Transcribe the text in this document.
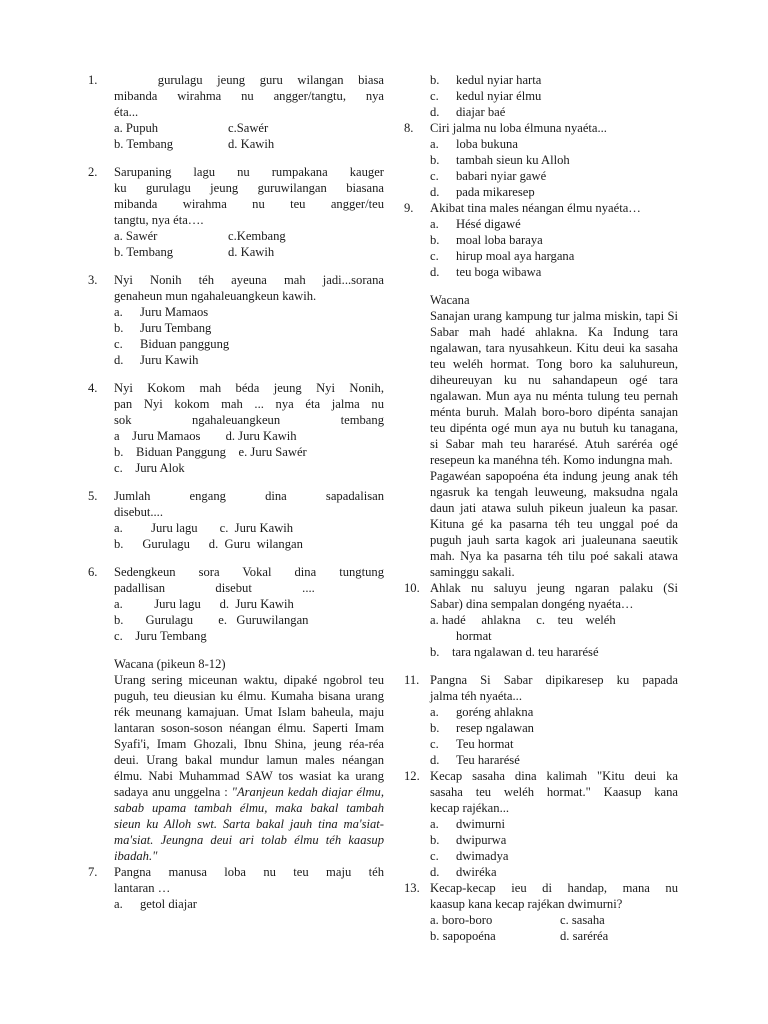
1.	gurulagu jeung guru wilangan biasa
mibanda wirahma nu angger/tangtu, nya
éta...
a. Pupuh	c.Sawér
b. Tembang	d. Kawih
2. Sarupaning lagu nu rumpakana kauger
ku gurulagu jeung guruwilangan biasana
mibanda wirahma nu teu angger/teu
tangtu, nya éta….
a. Sawér	c.Kembang
b. Tembang	d. Kawih
3. Nyi Nonih téh ayeuna mah jadi...sorana
genaheun mun ngahaleuangkeun kawih.
a. Juru Mamaos
b. Juru Tembang
c. Biduan panggung
d. Juru Kawih
4. Nyi Kokom mah béda jeung Nyi Nonih,
pan Nyi kokom mah ... nya éta jalma nu
sok ngahaleuangkeun tembang
a    Juru Mamaos        d. Juru Kawih
b.    Biduan Panggung    e. Juru Sawér
c.    Juru Alok
5. Jumlah engang dina sapadalisan
disebut....
a.         Juru lagu       c.  Juru Kawih
b.      Gurulagu      d.  Guru  wilangan
6. Sedengkeun sora Vokal dina tungtung
padallisan                disebut                ....
a.          Juru lagu      d.  Juru Kawih
b.       Gurulagu        e.   Guruwilangan
c.    Juru Tembang
Wacana (pikeun 8-12)

Urang sering miceunan waktu, dipaké ngobrol teu puguh, teu dieusian ku élmu. Kumaha bisana urang rék meunang kamajuan. Umat Islam baheula, maju lantaran soson-soson néangan élmu. Saperti Imam Syafi'i, Imam Ghozali, Ibnu Shina, jeung réa-réa deui. Urang bakal mundur lamun males néangan élmu. Nabi Muhammad SAW tos wasiat ka urang sadaya anu unggelna : "Aranjeun kedah diajar élmu, sabab upama tambah élmu, maka bakal tambah sieun ku Alloh swt. Sarta bakal jauh tina ma'siat-ma'siat. Jeungna deui ari tolab élmu téh kaasup ibadah."

7. Pangna manusa loba nu teu maju téh
lantaran …
a. getol diajar
b. kedul nyiar harta
c. kedul nyiar élmu
d. diajar baé
8. Ciri jalma nu loba élmuna nyaéta...
a. loba bukuna
b. tambah sieun ku Alloh
c. babari nyiar gawé
d. pada mikaresep
9. Akibat tina males néangan élmu nyaéta…
a. Hésé digawé
b. moal loba baraya
c. hirup moal aya hargana
d. teu boga wibawa
Wacana

Sanajan urang kampung tur jalma miskin, tapi Si Sabar mah hadé ahlakna. Ka Indung tara ngalawan, tara nyusahkeun. Kitu deui ka sasaha teu weléh hormat. Tong boro ka saluhureun, diheureuyan ku nu sahandapeun ogé tara ngalawan. Mun aya nu ménta tulung teu pernah ménta buruh. Malah boro-boro dipénta sanajan teu dipénta ogé mun aya nu butuh ku tanagana, si Sabar mah teu hararésé. Atuh saréréa ogé resepeun ka manéhna téh. Komo indungna mah.

Pagawéan sapopoéna éta indung jeung anak téh ngasruk ka tengah leuweung, maksudna ngala daun jati atawa suluh pikeun jualeun ka pasar. Kituna gé ka pasarna téh teu unggal poé da puguh jauh sarta kagok ari jualeunana saeutik mah. Nya ka pasarna téh tilu poé sakali atawa saminggu sakali.

10. Ahlak nu saluyu jeung ngaran palaku (Si
Sabar) dina sempalan dongéng nyaéta…
a. hadé     ahlakna     c.    teu    weléh
hormat
b.    tara ngalawan d. teu hararésé
11. Pangna Si Sabar dipikaresep ku papada
jalma téh nyaéta...
a. goréng ahlakna
b. resep ngalawan
c. Teu hormat
d. Teu hararésé
12. Kecap sasaha dina kalimah "Kitu deui ka
sasaha teu weléh hormat." Kaasup kana
kecap rajékan...
a. dwimurni
b. dwipurwa
c. dwimadya
d. dwiréka
13. Kecap-kecap ieu di handap, mana nu
kaasup kana kecap rajékan dwimurni?
a. boro-boro	c. sasaha
b. sapopoéna	d. saréréa
